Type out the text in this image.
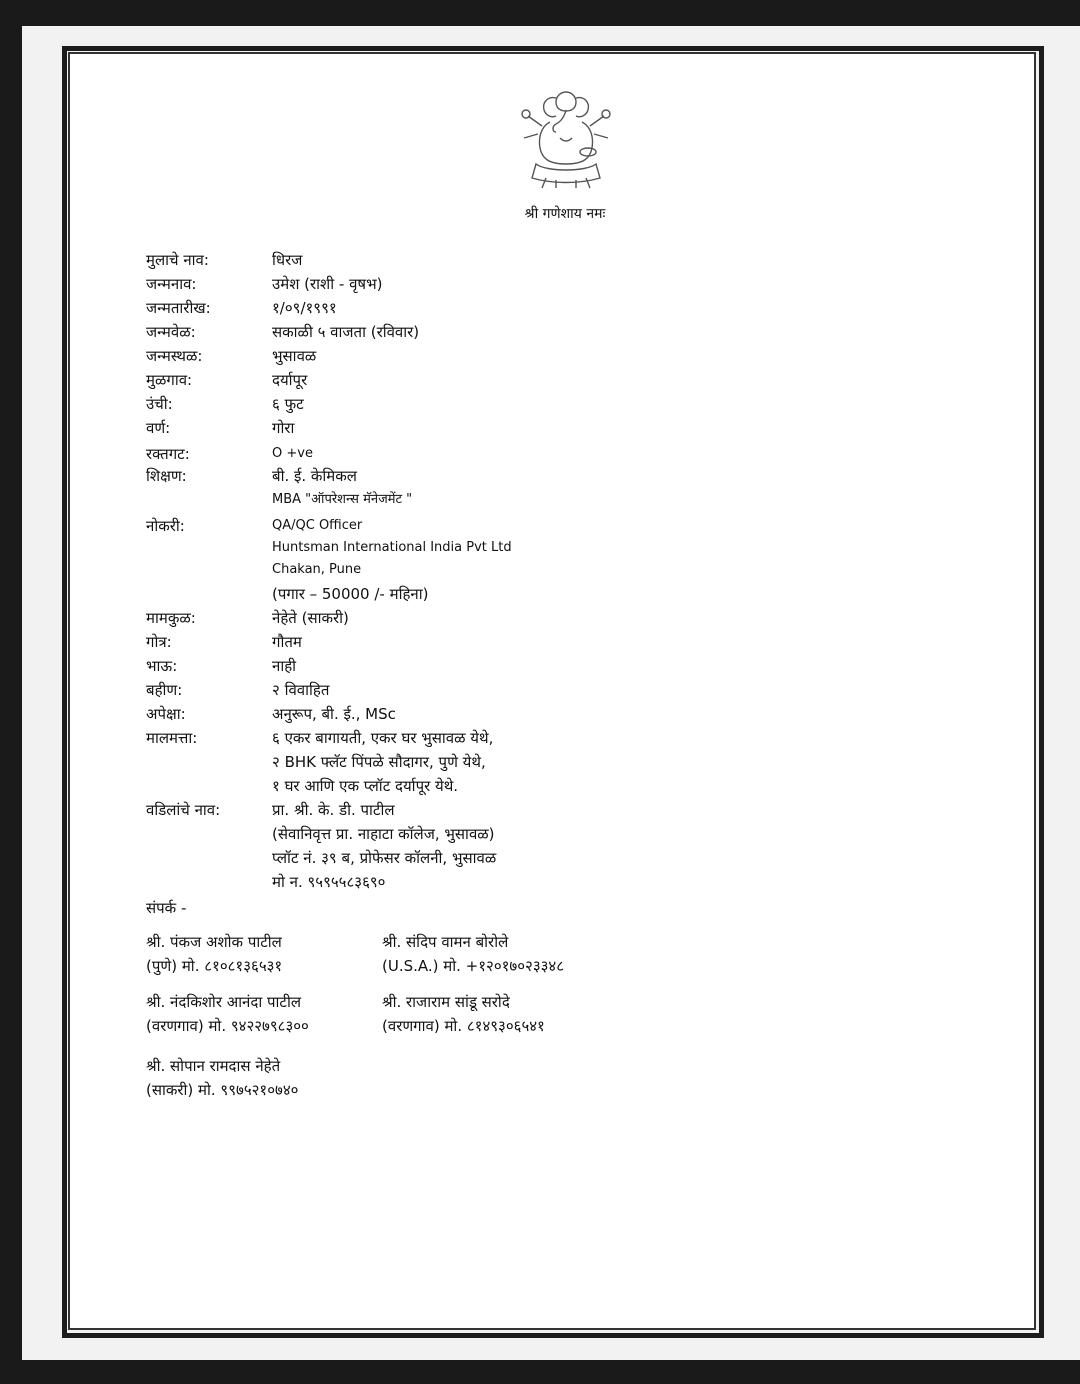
श्री गणेशाय नमः
मुलाचे नाव:	धिरज
जन्मनाव:	उमेश (राशी - वृषभ)
जन्मतारीख:	१/०९/१९९१
जन्मवेळ:	सकाळी ५ वाजता (रविवार)
जन्मस्थळ:	भुसावळ
मुळगाव:	दर्यापूर
उंची:	६ फुट
वर्ण:	गोरा
रक्तगट:	O +ve
शिक्षण:	बी. ई. केमिकल
MBA "ऑपरेशन्स मॅनेजमेंट "
नोकरी:	QA/QC Officer
Huntsman International India Pvt Ltd
Chakan, Pune
(पगार – 50000 /- महिना)
मामकुळ:	नेहेते (साकरी)
गोत्र:	गौतम
भाऊ:	नाही
बहीण:	२ विवाहित
अपेक्षा:	अनुरूप, बी. ई., MSc
मालमत्ता:	६ एकर बागायती, एकर घर भुसावळ येथे,
२ BHK फ्लॅट पिंपळे सौदागर, पुणे येथे,
१ घर आणि एक प्लॉट दर्यापूर येथे.
वडिलांचे नाव:	प्रा. श्री. के. डी. पाटील
(सेवानिवृत्त प्रा. नाहाटा कॉलेज, भुसावळ)
प्लॉट नं. ३९ ब, प्रोफेसर कॉलनी, भुसावळ
मो न. ९५९५५८३६९०
संपर्क -
श्री. पंकज अशोक पाटील
(पुणे) मो. ८१०८१३६५३१
श्री. संदिप वामन बोरोले
(U.S.A.) मो. +१२०१७०२३३४८
श्री. नंदकिशोर आनंदा पाटील
(वरणगाव) मो. ९४२२७९८३००
श्री. राजाराम सांडू सरोदे
(वरणगाव) मो. ८१४९३०६५४१
श्री. सोपान रामदास नेहेते
(साकरी) मो. ९९७५२१०७४०
